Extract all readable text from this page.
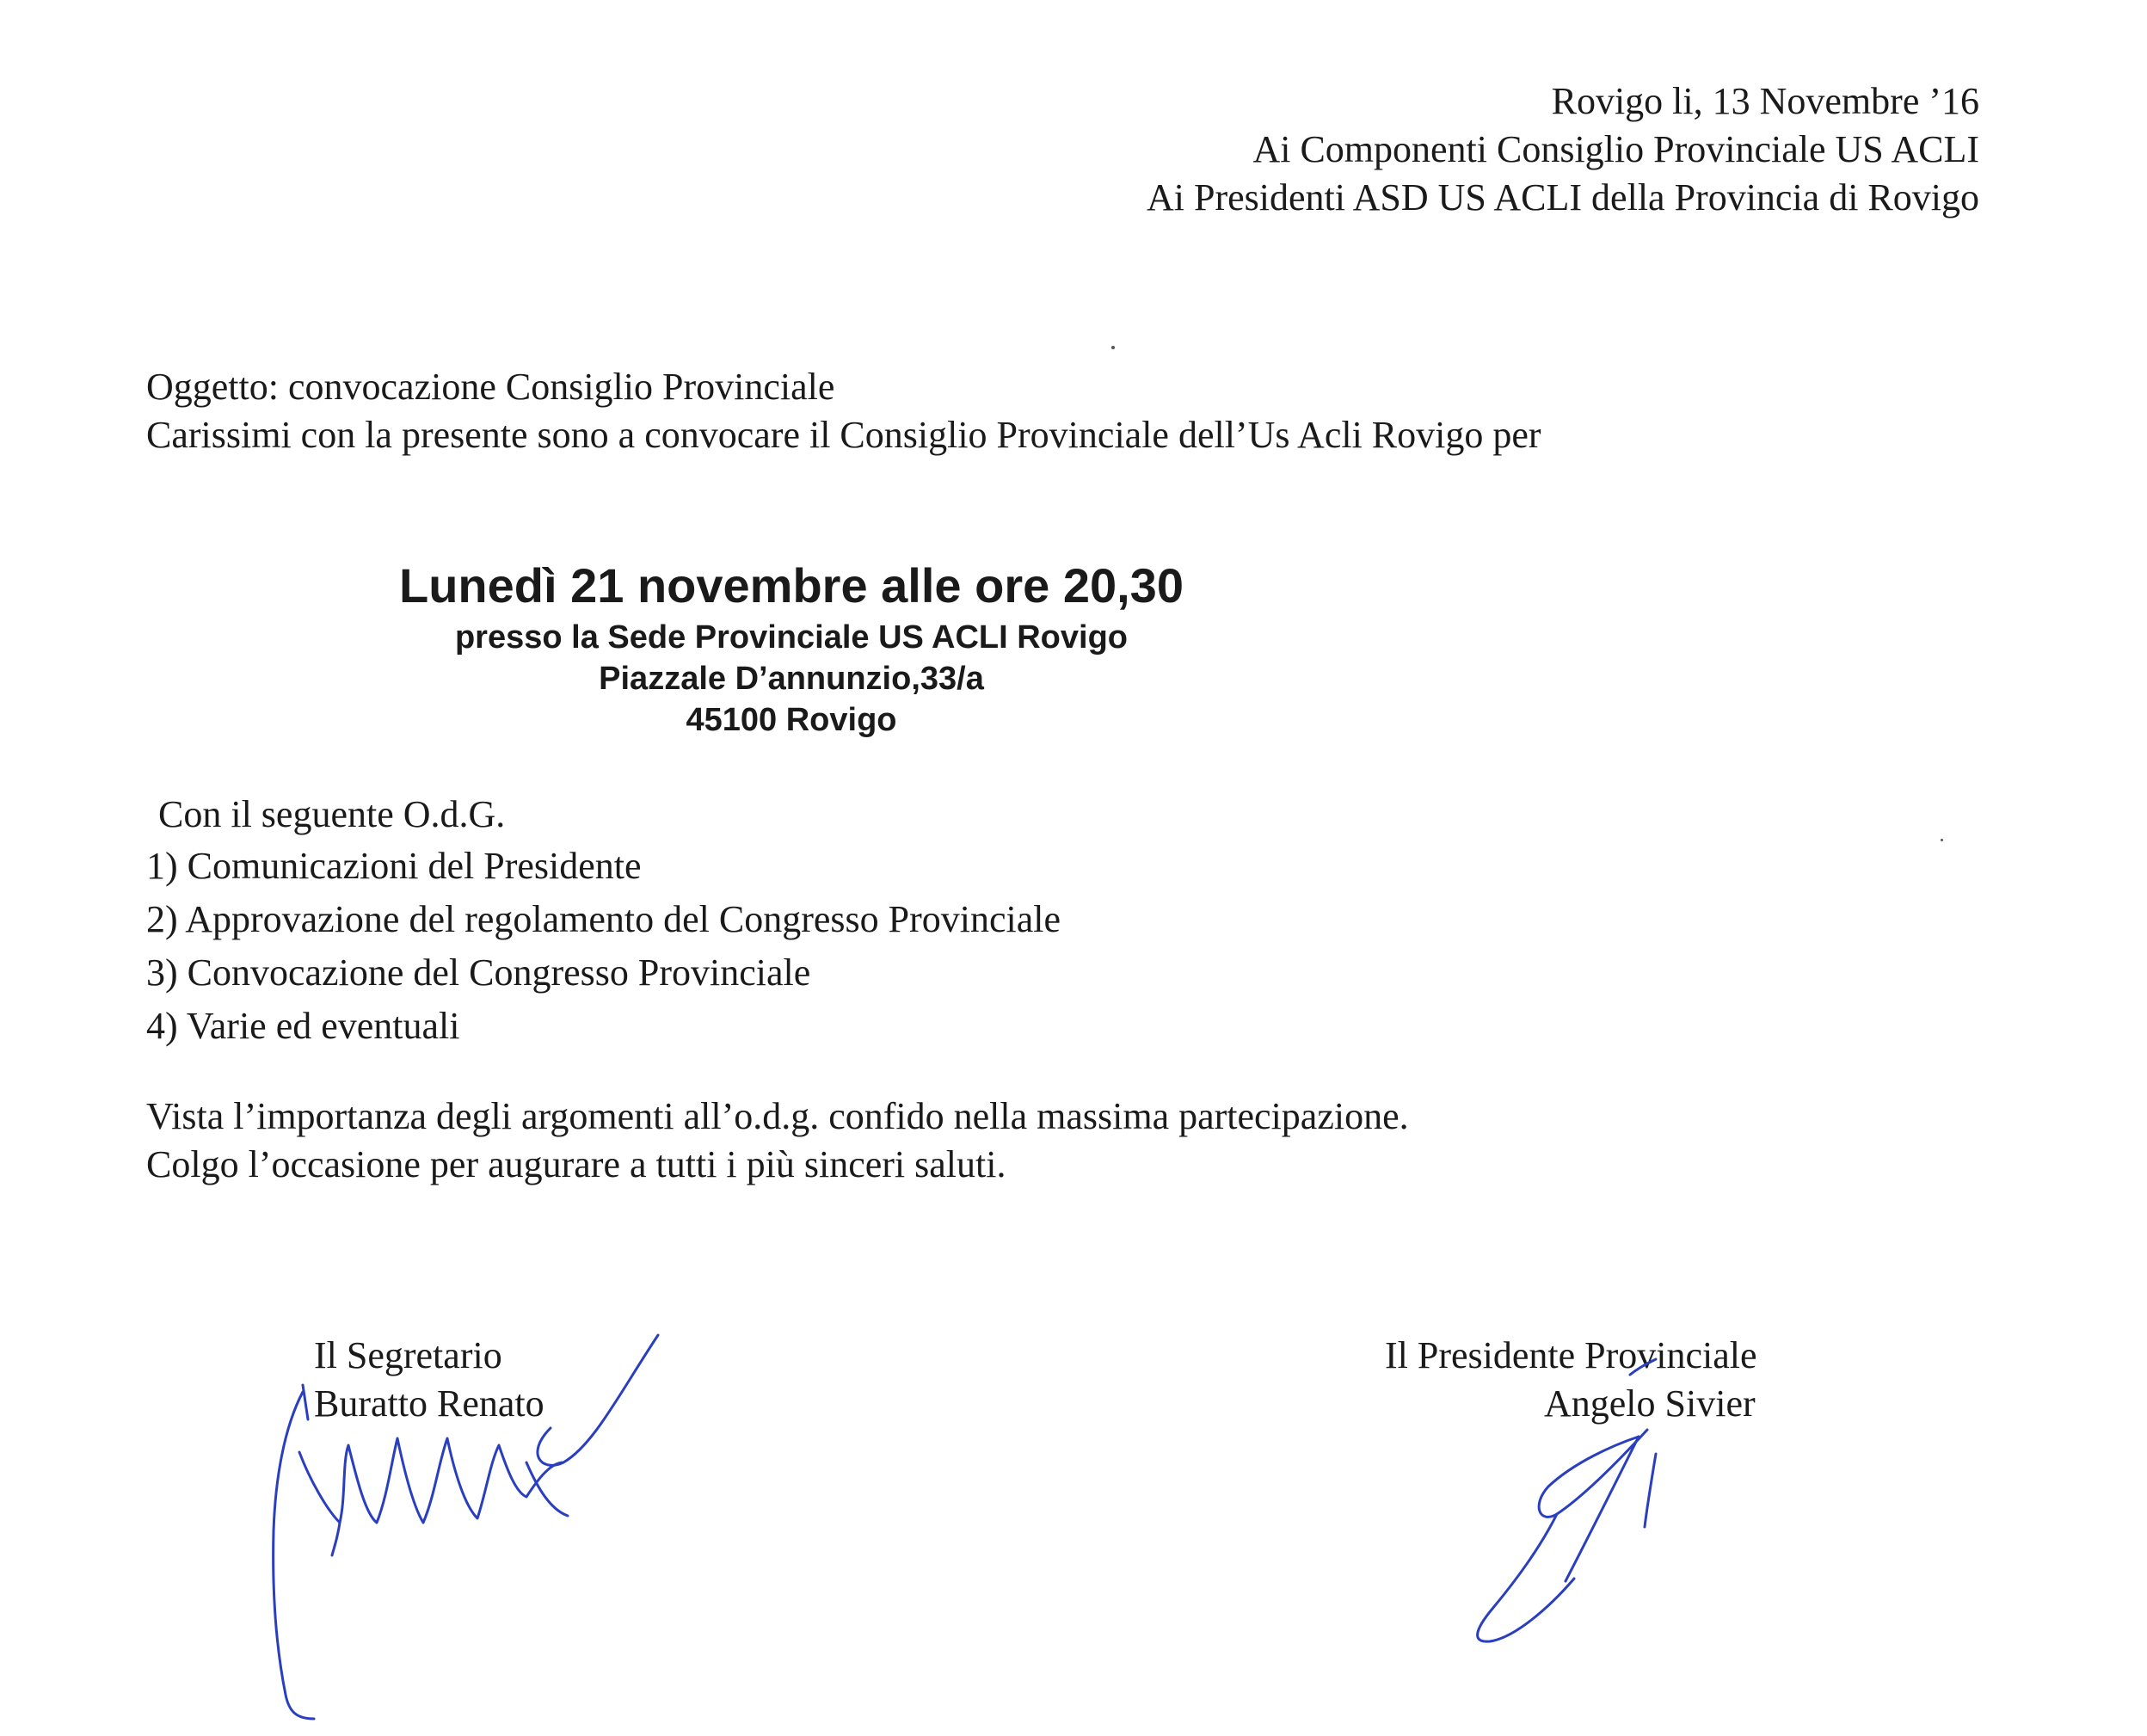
Rovigo li, 13 Novembre ’16
Ai Componenti Consiglio Provinciale US ACLI
Ai Presidenti ASD US ACLI della Provincia di Rovigo
Oggetto: convocazione Consiglio Provinciale
Carissimi con la presente sono a convocare il Consiglio Provinciale dell’Us Acli Rovigo per
Lunedì 21 novembre alle ore 20,30
presso la Sede Provinciale US ACLI Rovigo
Piazzale D’annunzio,33/a
45100 Rovigo
Con il seguente O.d.G.
1) Comunicazioni del Presidente
2) Approvazione del regolamento del Congresso Provinciale
3) Convocazione del Congresso Provinciale
4) Varie ed eventuali
Vista l’importanza degli argomenti all’o.d.g. confido nella massima partecipazione.
Colgo l’occasione per augurare a tutti i più sinceri saluti.
Il Segretario
Buratto Renato
Il Presidente Provinciale
Angelo Sivier
